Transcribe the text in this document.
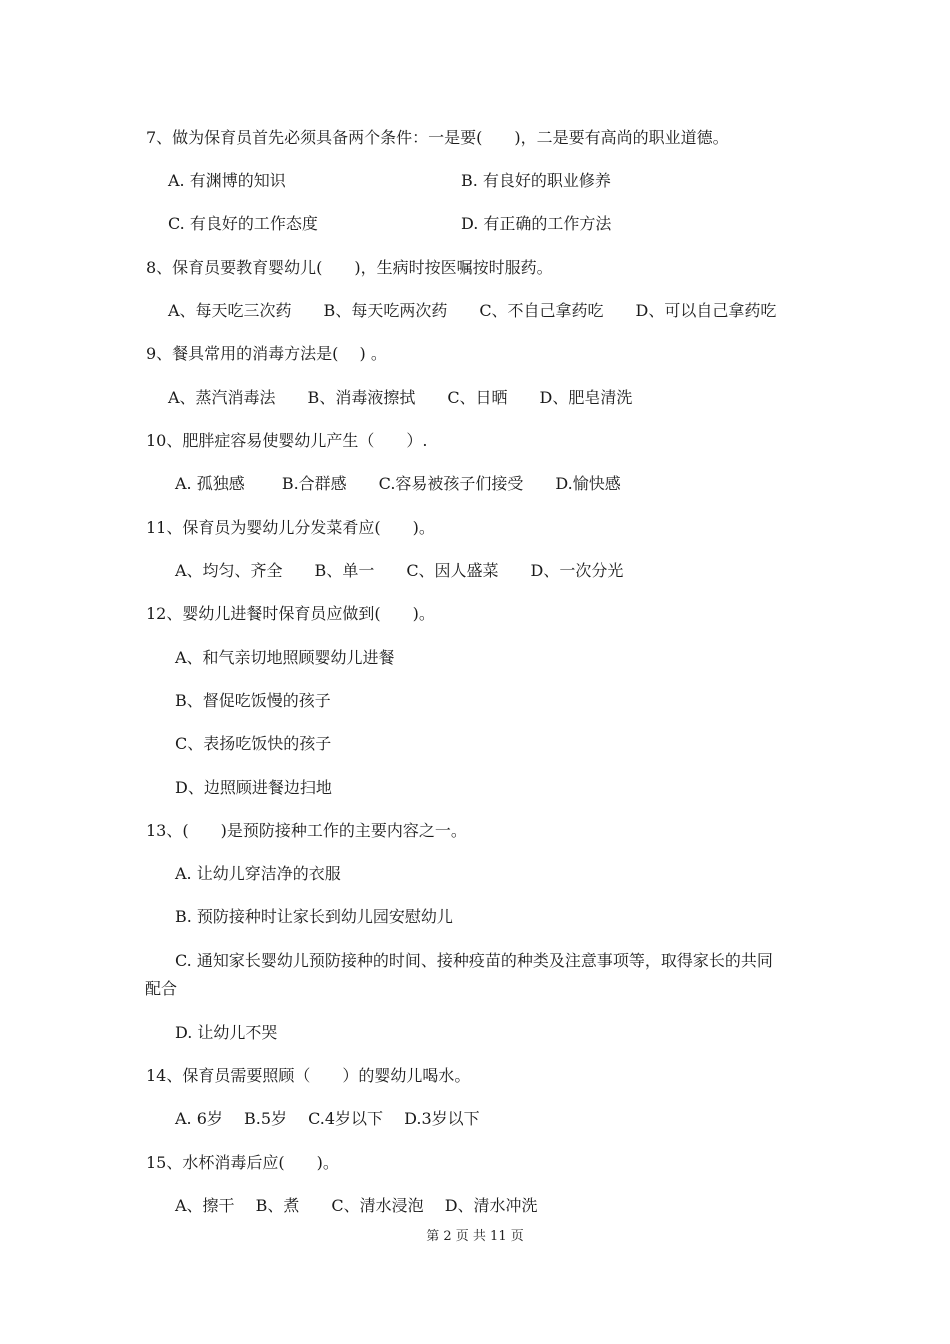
7、做为保育员首先必须具备两个条件：一是要(　　)，二是要有高尚的职业道德。
A. 有渊博的知识	B. 有良好的职业修养
C. 有良好的工作态度	D. 有正确的工作方法
8、保育员要教育婴幼儿(　　)，生病时按医嘱按时服药。
A、每天吃三次药　　B、每天吃两次药　　C、不自己拿药吃　　D、可以自己拿药吃
9、餐具常用的消毒方法是(　 ) 。
A、蒸汽消毒法　　B、消毒液擦拭　　C、日晒　　D、肥皂清洗
10、肥胖症容易使婴幼儿产生（　　）.
A. 孤独感　　 B.合群感　　C.容易被孩子们接受　　D.愉快感
11、保育员为婴幼儿分发菜肴应(　　)。
A、均匀、齐全　　B、单一　　C、因人盛菜　　D、一次分光
12、婴幼儿进餐时保育员应做到(　　)。
A、和气亲切地照顾婴幼儿进餐
B、督促吃饭慢的孩子
C、表扬吃饭快的孩子
D、边照顾进餐边扫地
13、(　　)是预防接种工作的主要内容之一。
A. 让幼儿穿洁净的衣服
B. 预防接种时让家长到幼儿园安慰幼儿
C. 通知家长婴幼儿预防接种的时间、接种疫苗的种类及注意事项等，取得家长的共同
配合
D. 让幼儿不哭
14、保育员需要照顾（　　）的婴幼儿喝水。
A. 6岁　 B.5岁　 C.4岁以下　 D.3岁以下
15、水杯消毒后应(　　)。
A、擦干　 B、煮　　C、清水浸泡　 D、清水冲洗
第 2 页 共 11 页
